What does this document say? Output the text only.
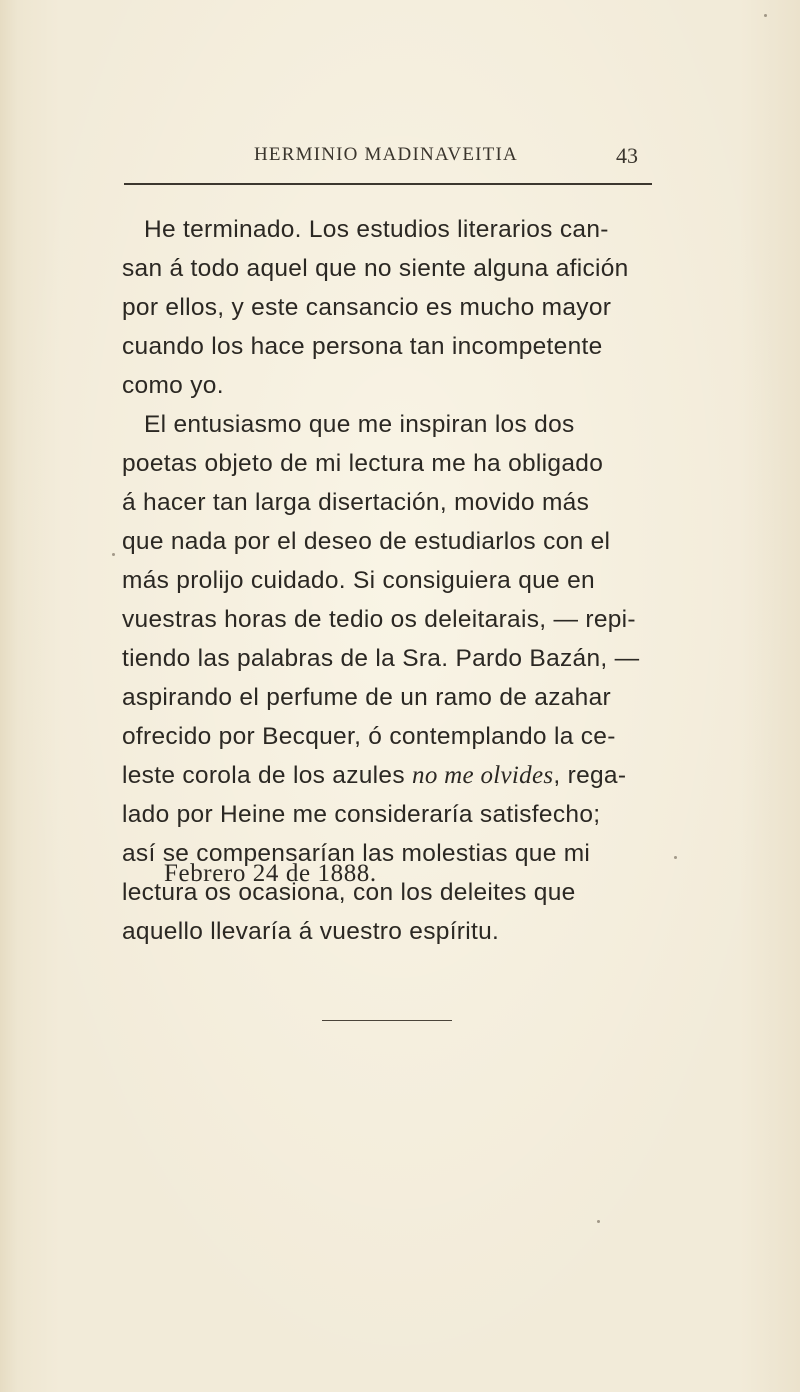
HERMINIO MADINAVEITIA	43
He terminado. Los estudios literarios can-
san á todo aquel que no siente alguna afición
por ellos, y este cansancio es mucho mayor
cuando los hace persona tan incompetente
como yo.
El entusiasmo que me inspiran los dos
poetas objeto de mi lectura me ha obligado
á hacer tan larga disertación, movido más
que nada por el deseo de estudiarlos con el
más prolijo cuidado. Si consiguiera que en
vuestras horas de tedio os deleitarais, — repi-
tiendo las palabras de la Sra. Pardo Bazán, —
aspirando el perfume de un ramo de azahar
ofrecido por Becquer, ó contemplando la ce-
leste corola de los azules no me olvides, rega-
lado por Heine me consideraría satisfecho;
así se compensarían las molestias que mi
lectura os ocasiona, con los deleites que
aquello llevaría á vuestro espíritu.
Febrero 24 de 1888.
